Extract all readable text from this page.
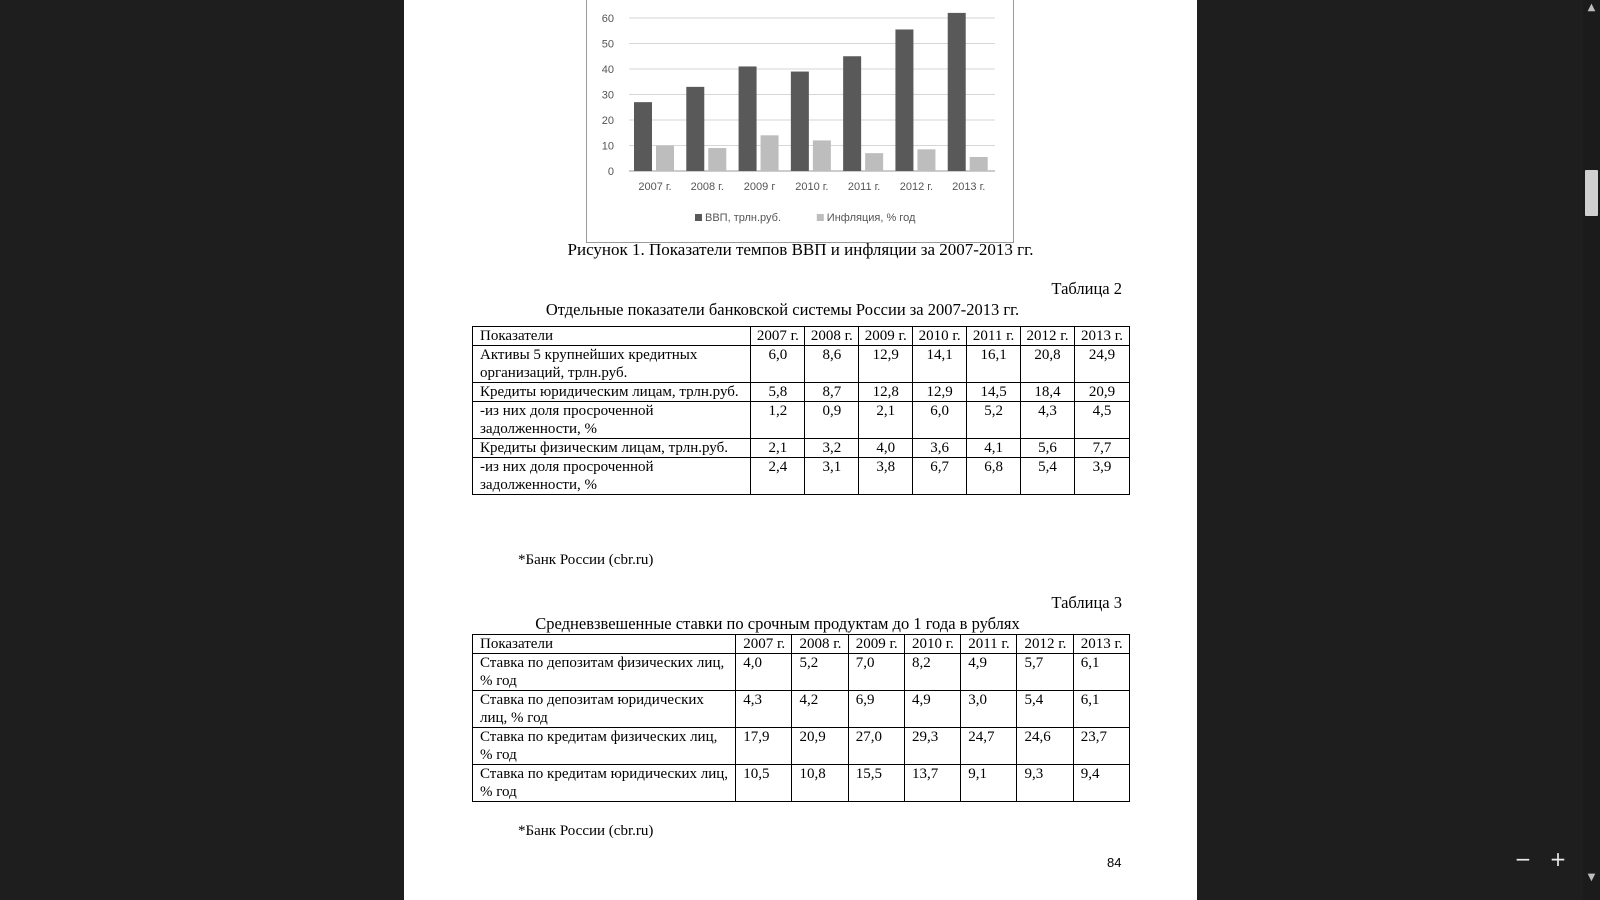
0
10
20
30
40
50
60
2007 г. 2008 г. 2009 г 2010 г. 2011 г. 2012 г. 2013 г.
ВВП, трлн.руб.	Инфляция, % год
Рисунок 1. Показатели темпов ВВП и инфляции за 2007-2013 гг.
Таблица 2
Отдельные показатели банковской системы России за 2007-2013 гг.
Показатели	2007 г.	2008 г.	2009 г.	2010 г.	2011 г.	2012 г.	2013 г.
Активы 5 крупнейших кредитных организаций, трлн.руб.	6,0	8,6	12,9	14,1	16,1	20,8	24,9
Кредиты юридическим лицам, трлн.руб.	5,8	8,7	12,8	12,9	14,5	18,4	20,9
-из них доля просроченной задолженности, %	1,2	0,9	2,1	6,0	5,2	4,3	4,5
Кредиты физическим лицам, трлн.руб.	2,1	3,2	4,0	3,6	4,1	5,6	7,7
-из них доля просроченной задолженности, %	2,4	3,1	3,8	6,7	6,8	5,4	3,9
*Банк России (cbr.ru)
Таблица 3
Средневзвешенные ставки по срочным продуктам до 1 года в рублях
Показатели	2007 г.	2008 г.	2009 г.	2010 г.	2011 г.	2012 г.	2013 г.
Ставка по депозитам физических лиц, % год	4,0	5,2	7,0	8,2	4,9	5,7	6,1
Ставка по депозитам юридических лиц, % год	4,3	4,2	6,9	4,9	3,0	5,4	6,1
Ставка по кредитам физических лиц, % год	17,9	20,9	27,0	29,3	24,7	24,6	23,7
Ставка по кредитам юридических лиц, % год	10,5	10,8	15,5	13,7	9,1	9,3	9,4
*Банк России (cbr.ru)
84
▲
▼
− +
